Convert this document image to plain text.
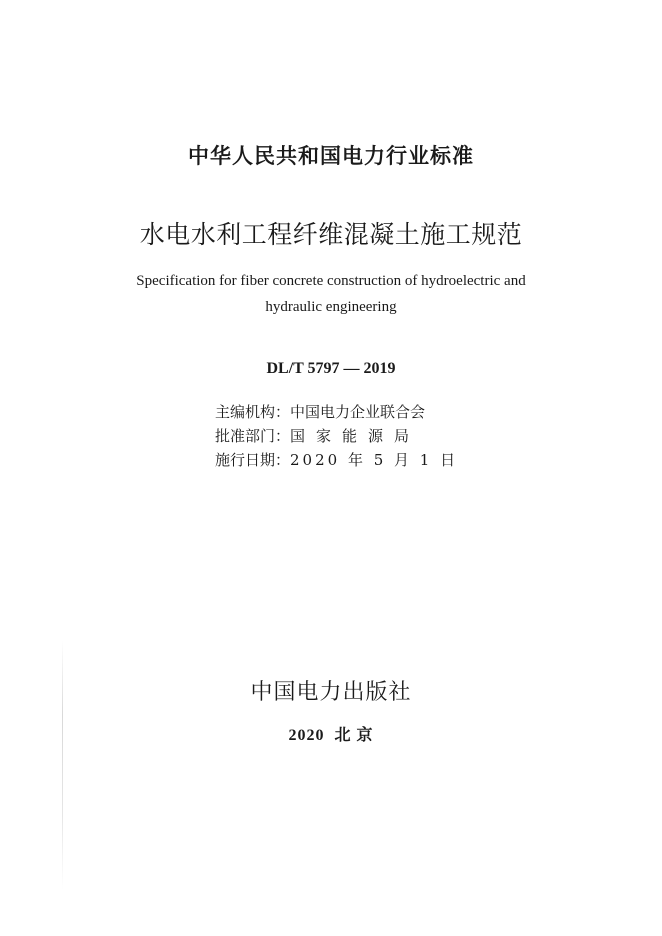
中华人民共和国电力行业标准
水电水利工程纤维混凝土施工规范
Specification for fiber concrete construction of hydroelectric and
hydraulic engineering
DL/T 5797 — 2019
主编机构：中国电力企业联合会
批准部门：国家能源局
施行日期：2020 年 5 月 1 日
中国电力出版社
2020 北 京
